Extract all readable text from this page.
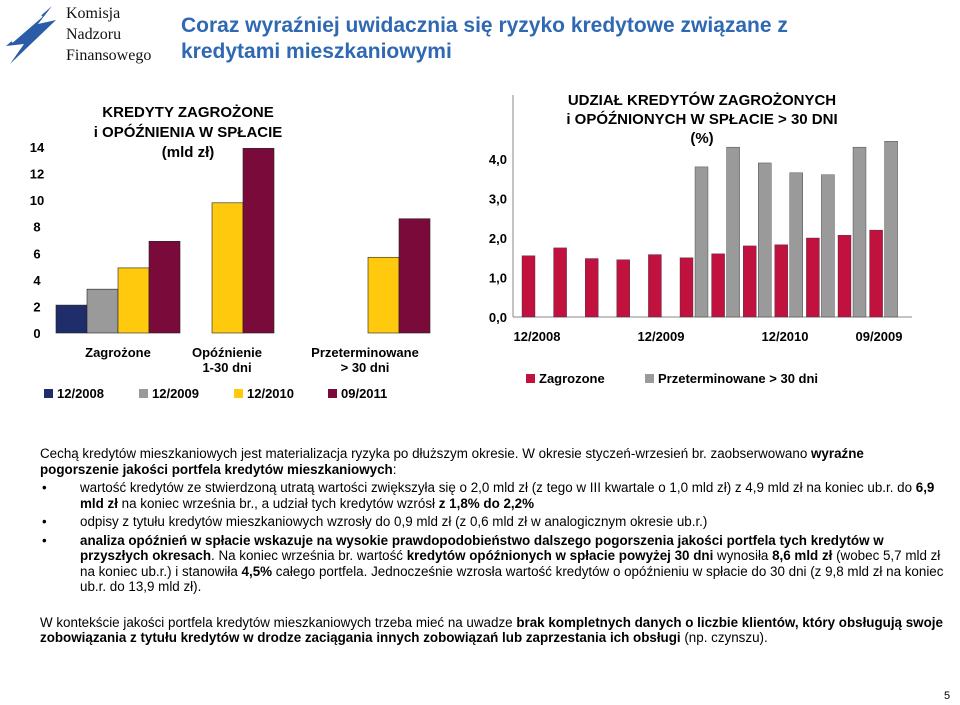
Komisja
Nadzoru
Finansowego
Coraz wyraźniej uwidacznia się ryzyko kredytowe związane z kredytami mieszkaniowymi
KREDYTY ZAGROŻONE
i OPÓŹNIENIA W SPŁACIE
(mld zł)
0
2
4
6
8
10
12
14
Zagrożone	Opóźnienie
1-30 dni
Przeterminowane
> 30 dni
12/2008	12/2009	12/2010	09/2011
UDZIAŁ KREDYTÓW ZAGROŻONYCH
i OPÓŹNIONYCH W SPŁACIE > 30 DNI
(%)
0,0
1,0
2,0
3,0
4,0
12/2008	12/2009	12/2010	09/2009
Zagrozone	Przeterminowane > 30 dni

Cechą kredytów mieszkaniowych jest materializacja ryzyka po dłuższym okresie. W okresie styczeń-wrzesień br. zaobserwowano wyraźne pogorszenie jakości portfela kredytów mieszkaniowych:

• wartość kredytów ze stwierdzoną utratą wartości zwiększyła się o 2,0 mld zł (z tego w III kwartale o 1,0 mld zł) z 4,9 mld zł na koniec ub.r. do 6,9 mld zł na koniec września br., a udział tych kredytów wzrósł z 1,8% do 2,2%
• odpisy z tytułu kredytów mieszkaniowych wzrosły do 0,9 mld zł (z 0,6 mld zł w analogicznym okresie ub.r.)
• analiza opóźnień w spłacie wskazuje na wysokie prawdopodobieństwo dalszego pogorszenia jakości portfela tych kredytów w przyszłych okresach. Na koniec września br. wartość kredytów opóźnionych w spłacie powyżej 30 dni wynosiła 8,6 mld zł (wobec 5,7 mld zł na koniec ub.r.) i stanowiła 4,5% całego portfela. Jednocześnie wzrosła wartość kredytów o opóźnieniu w spłacie do 30 dni (z 9,8 mld zł na koniec ub.r. do 13,9 mld zł).

W kontekście jakości portfela kredytów mieszkaniowych trzeba mieć na uwadze brak kompletnych danych o liczbie klientów, który obsługują swoje zobowiązania z tytułu kredytów w drodze zaciągania innych zobowiązań lub zaprzestania ich obsługi (np. czynszu).

5
